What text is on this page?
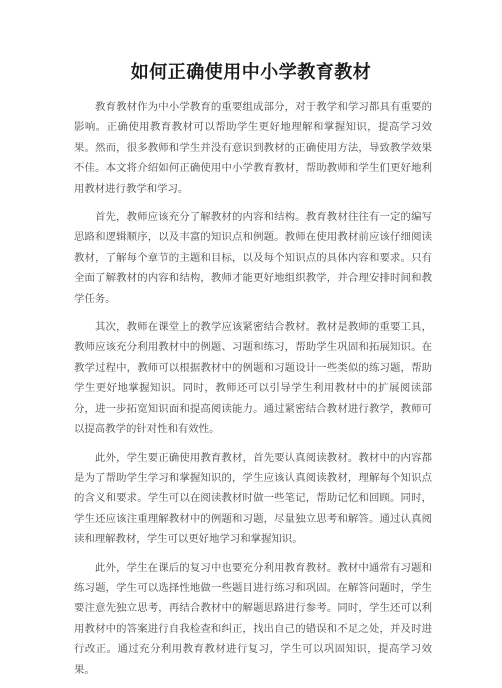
如何正确使用中小学教育教材

教育教材作为中小学教育的重要组成部分，对于教学和学习都具有重要的影响。正确使用教育教材可以帮助学生更好地理解和掌握知识，提高学习效果。然而，很多教师和学生并没有意识到教材的正确使用方法，导致教学效果不佳。本文将介绍如何正确使用中小学教育教材，帮助教师和学生们更好地利用教材进行教学和学习。

首先，教师应该充分了解教材的内容和结构。教育教材往往有一定的编写思路和逻辑顺序，以及丰富的知识点和例题。教师在使用教材前应该仔细阅读教材，了解每个章节的主题和目标，以及每个知识点的具体内容和要求。只有全面了解教材的内容和结构，教师才能更好地组织教学，并合理安排时间和教学任务。

其次，教师在课堂上的教学应该紧密结合教材。教材是教师的重要工具，教师应该充分利用教材中的例题、习题和练习，帮助学生巩固和拓展知识。在教学过程中，教师可以根据教材中的例题和习题设计一些类似的练习题，帮助学生更好地掌握知识。同时，教师还可以引导学生利用教材中的扩展阅读部分，进一步拓宽知识面和提高阅读能力。通过紧密结合教材进行教学，教师可以提高教学的针对性和有效性。

此外，学生要正确使用教育教材，首先要认真阅读教材。教材中的内容都是为了帮助学生学习和掌握知识的，学生应该认真阅读教材，理解每个知识点的含义和要求。学生可以在阅读教材时做一些笔记，帮助记忆和回顾。同时，学生还应该注重理解教材中的例题和习题，尽量独立思考和解答。通过认真阅读和理解教材，学生可以更好地学习和掌握知识。

此外，学生在课后的复习中也要充分利用教育教材。教材中通常有习题和练习题，学生可以选择性地做一些题目进行练习和巩固。在解答问题时，学生要注意先独立思考，再结合教材中的解题思路进行参考。同时，学生还可以利用教材中的答案进行自我检查和纠正，找出自己的错误和不足之处，并及时进行改正。通过充分利用教育教材进行复习，学生可以巩固知识，提高学习效果。
